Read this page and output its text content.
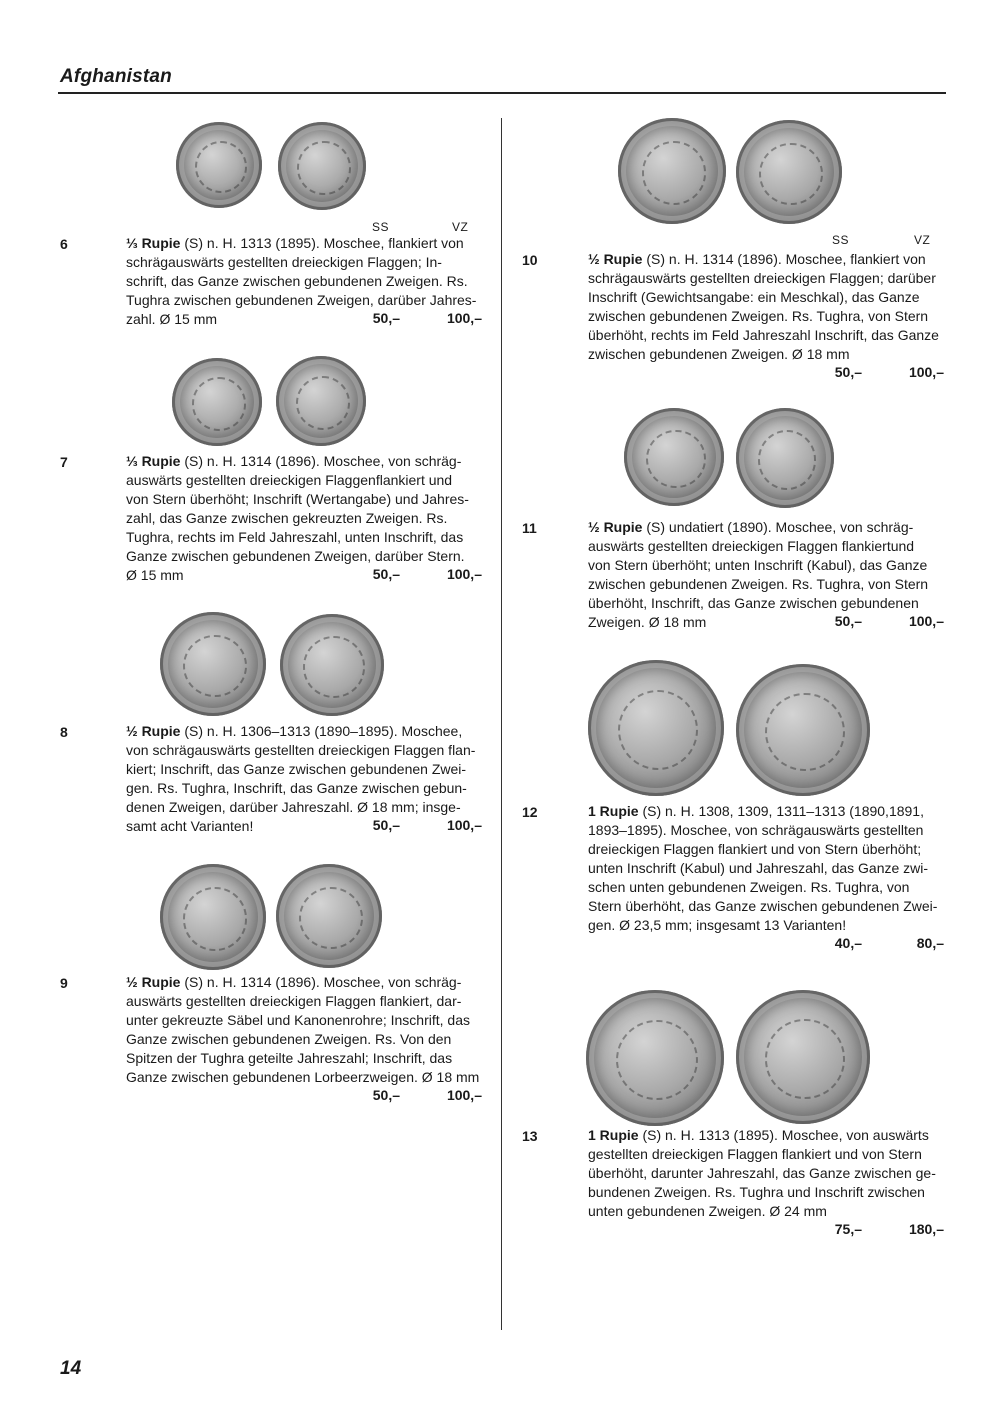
Afghanistan
SS	VZ
SS	VZ
6	⅓ Rupie (S) n. H. 1313 (1895). Moschee, flankiert von
schrägauswärts gestellten dreieckigen Flaggen; In-
schrift, das Ganze zwischen gebundenen Zweigen. Rs.
Tughra zwischen gebundenen Zweigen, darüber Jahres-
zahl. Ø 15 mm	50,–	100,–
7	⅓ Rupie (S) n. H. 1314 (1896). Moschee, von schräg-
auswärts gestellten dreieckigen Flaggenflankiert und
von Stern überhöht; Inschrift (Wertangabe) und Jahres-
zahl, das Ganze zwischen gekreuzten Zweigen. Rs.
Tughra, rechts im Feld Jahreszahl, unten Inschrift, das
Ganze zwischen gebundenen Zweigen, darüber Stern.
Ø 15 mm	50,–	100,–
8	½ Rupie (S) n. H. 1306–1313 (1890–1895). Moschee,
von schrägauswärts gestellten dreieckigen Flaggen flan-
kiert; Inschrift, das Ganze zwischen gebundenen Zwei-
gen. Rs. Tughra, Inschrift, das Ganze zwischen gebun-
denen Zweigen, darüber Jahreszahl. Ø 18 mm; insge-
samt acht Varianten!	50,–	100,–
9	½ Rupie (S) n. H. 1314 (1896). Moschee, von schräg-
auswärts gestellten dreieckigen Flaggen flankiert, dar-
unter gekreuzte Säbel und Kanonenrohre; Inschrift, das
Ganze zwischen gebundenen Zweigen. Rs. Von den
Spitzen der Tughra geteilte Jahreszahl; Inschrift, das
Ganze zwischen gebundenen Lorbeerzweigen. Ø 18 mm
50,–	100,–
10	½ Rupie (S) n. H. 1314 (1896). Moschee, flankiert von
schrägauswärts gestellten dreieckigen Flaggen; darüber
Inschrift (Gewichtsangabe: ein Meschkal), das Ganze
zwischen gebundenen Zweigen. Rs. Tughra, von Stern
überhöht, rechts im Feld Jahreszahl Inschrift, das Ganze
zwischen gebundenen Zweigen. Ø 18 mm
50,–	100,–
11	½ Rupie (S) undatiert (1890). Moschee, von schräg-
auswärts gestellten dreieckigen Flaggen flankiertund
von Stern überhöht; unten Inschrift (Kabul), das Ganze
zwischen gebundenen Zweigen. Rs. Tughra, von Stern
überhöht, Inschrift, das Ganze zwischen gebundenen
Zweigen. Ø 18 mm	50,–	100,–
12	1 Rupie (S) n. H. 1308, 1309, 1311–1313 (1890,1891,
1893–1895). Moschee, von schrägauswärts gestellten
dreieckigen Flaggen flankiert und von Stern überhöht;
unten Inschrift (Kabul) und Jahreszahl, das Ganze zwi-
schen unten gebundenen Zweigen. Rs. Tughra, von
Stern überhöht, das Ganze zwischen gebundenen Zwei-
gen. Ø 23,5 mm; insgesamt 13 Varianten!
40,–	80,–
13	1 Rupie (S) n. H. 1313 (1895). Moschee, von auswärts
gestellten dreieckigen Flaggen flankiert und von Stern
überhöht, darunter Jahreszahl, das Ganze zwischen ge-
bundenen Zweigen. Rs. Tughra und Inschrift zwischen
unten gebundenen Zweigen. Ø 24 mm
75,–	180,–
14
